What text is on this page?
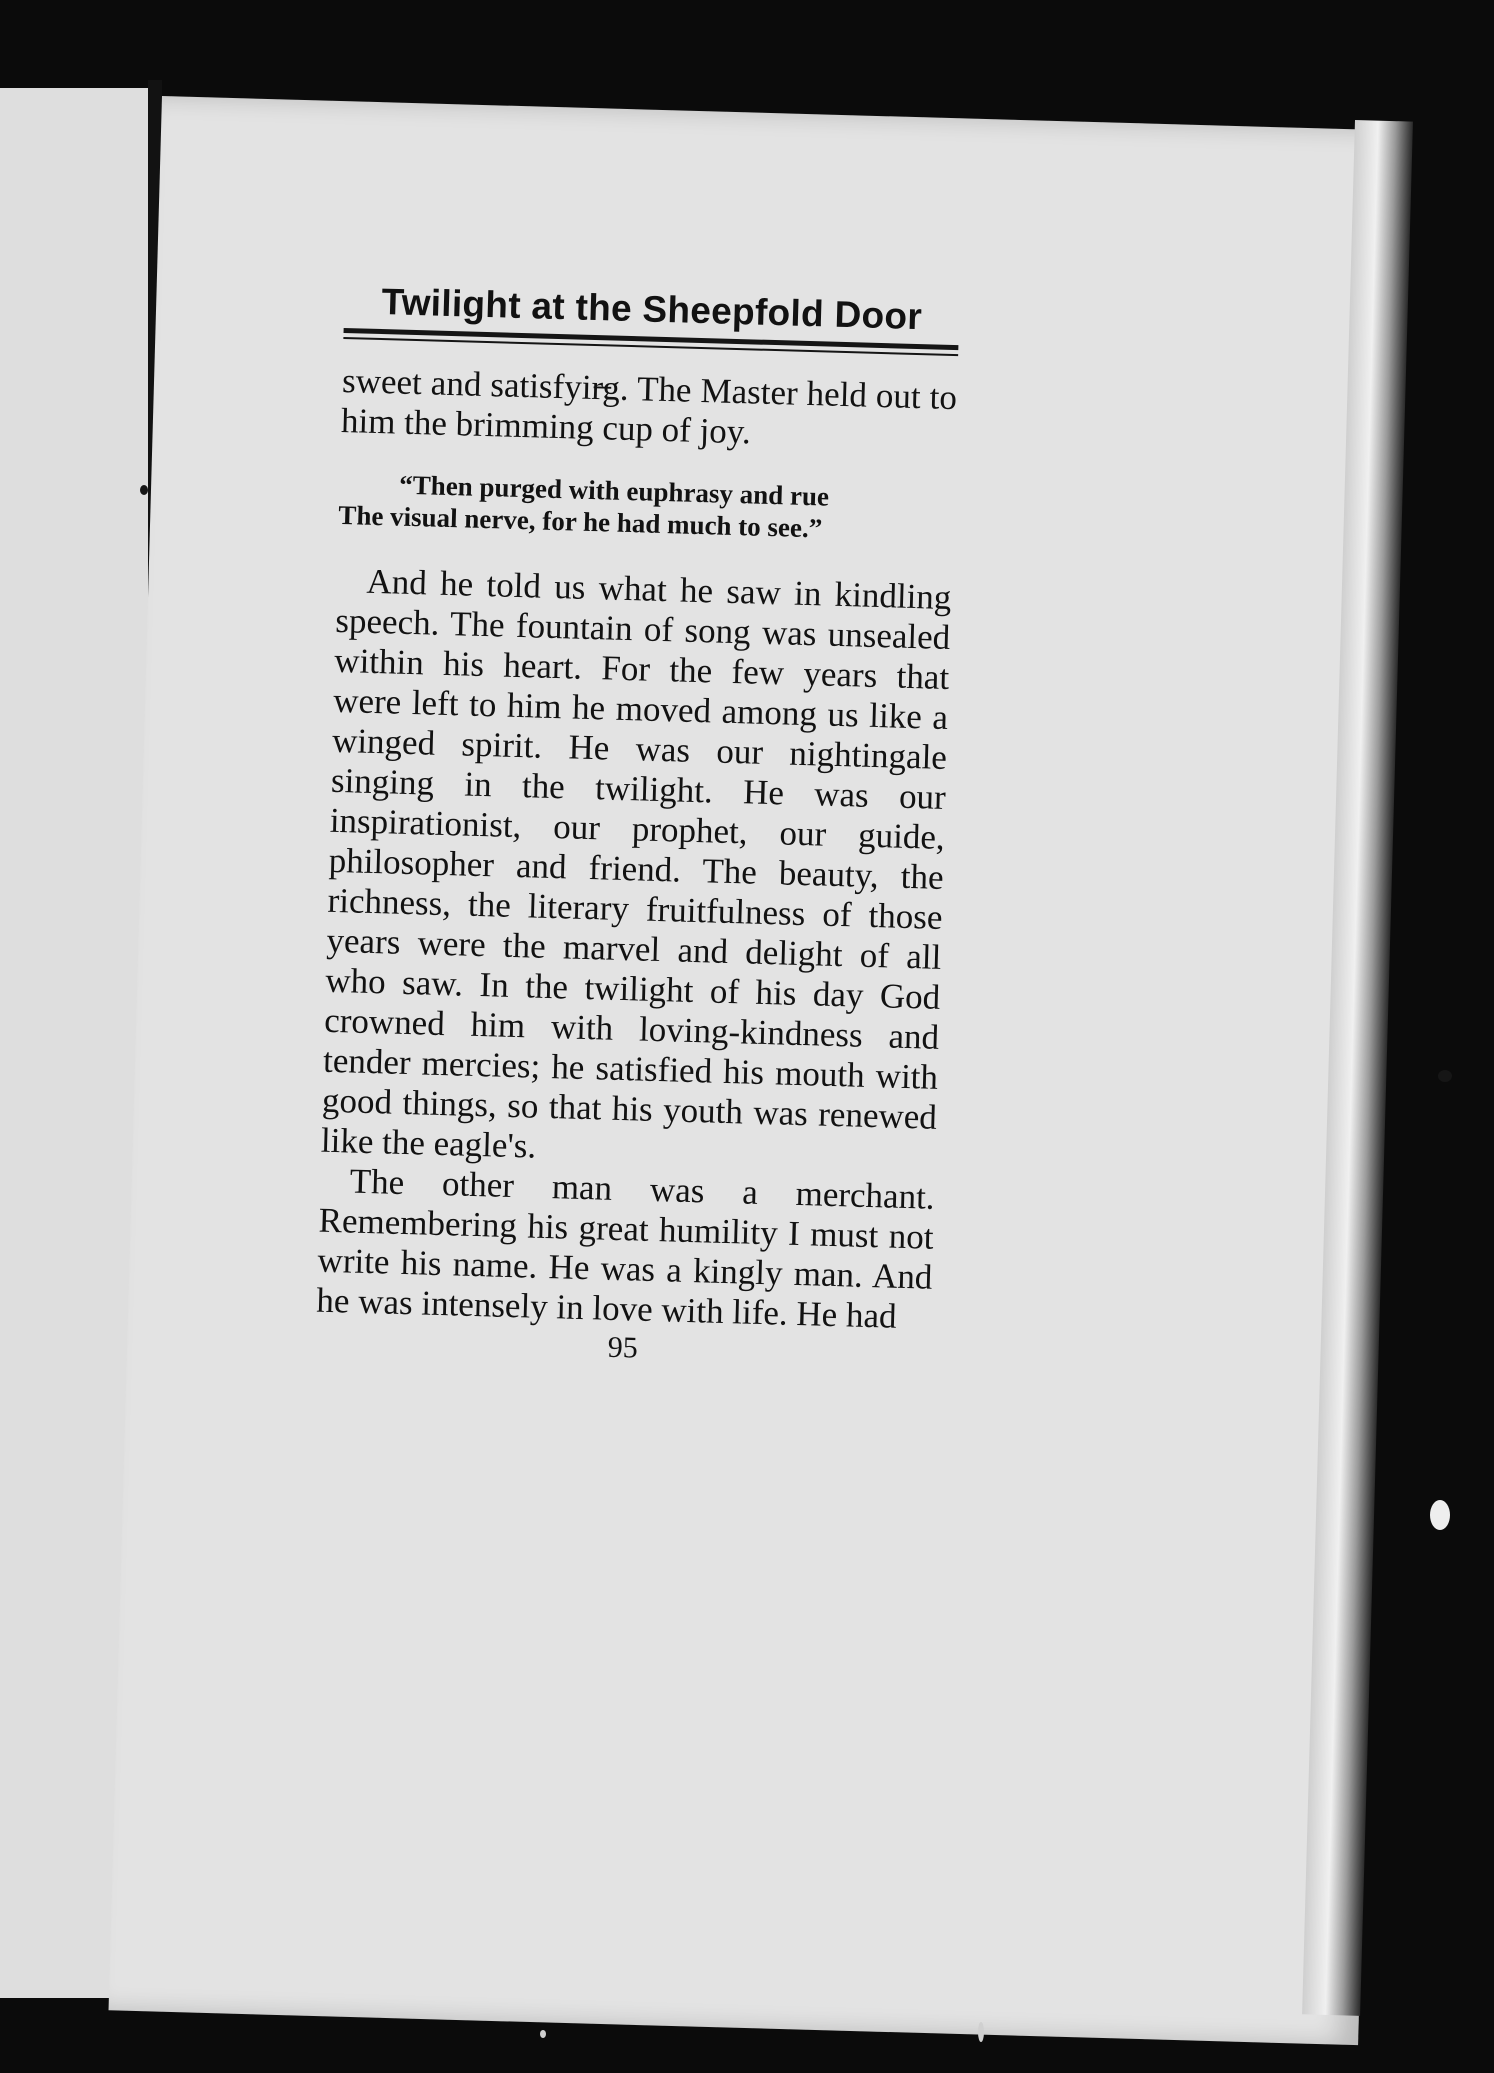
Twilight at the Sheepfold Door

sweet and satisfyir̶g. The Master held out to him the brimming cup of joy.

“Then purged with euphrasy and rue
The visual nerve, for he had much to see.”

And he told us what he saw in kindling speech. The fountain of song was unsealed within his heart. For the few years that were left to him he moved among us like a winged spirit. He was our nightingale singing in the twilight. He was our inspirationist, our prophet, our guide, philosopher and friend. The beauty, the richness, the literary fruitfulness of those years were the marvel and delight of all who saw. In the twilight of his day God crowned him with loving-kindness and tender mercies; he satisfied his mouth with good things, so that his youth was renewed like the eagle's.

The other man was a merchant. Remembering his great humility I must not write his name. He was a kingly man. And he was intensely in love with life. He had

95
